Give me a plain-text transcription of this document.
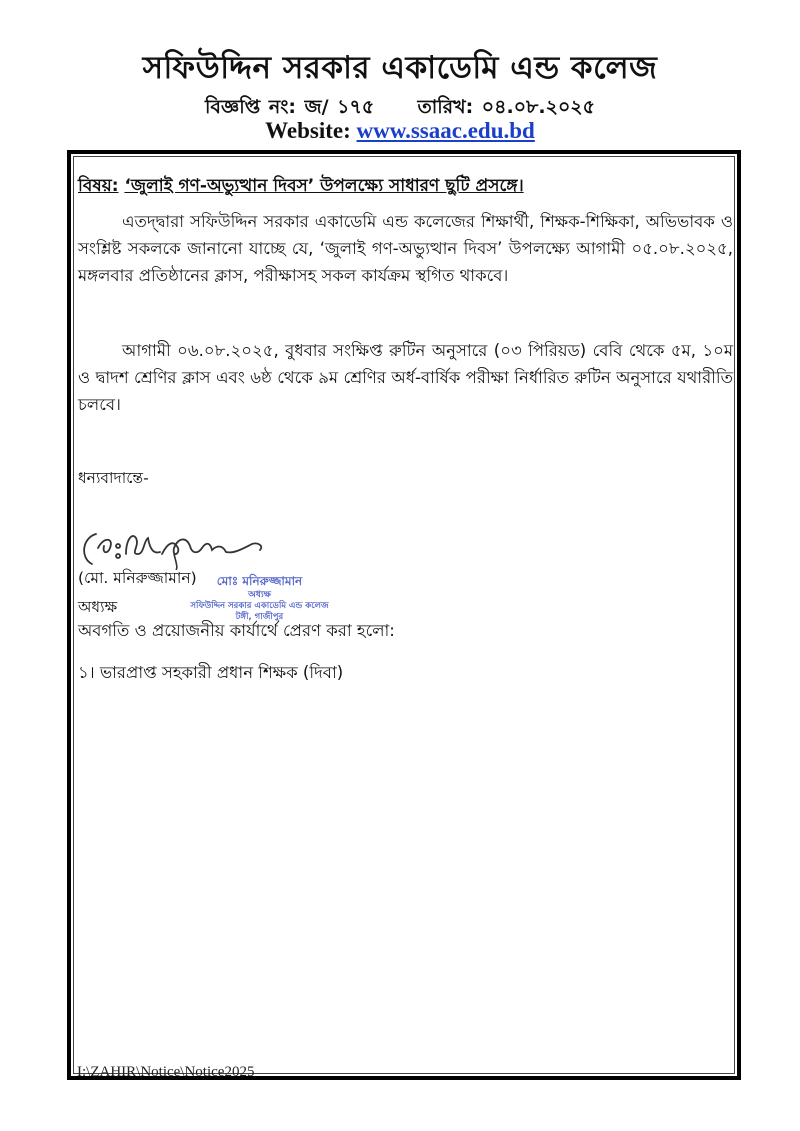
সফিউদ্দিন সরকার একাডেমি এন্ড কলেজ
বিজ্ঞপ্তি নং: জ/ ১৭৫ তারিখ: ০৪.০৮.২০২৫
Website: www.ssaac.edu.bd
বিষয়: ‘জুলাই গণ-অভ্যুত্থান দিবস’ উপলক্ষ্যে সাধারণ ছুটি প্রসঙ্গে।
এতদ্দ্বারা সফিউদ্দিন সরকার একাডেমি এন্ড কলেজের শিক্ষার্থী, শিক্ষক-শিক্ষিকা, অভিভাবক ও সংশ্লিষ্ট সকলকে জানানো যাচ্ছে যে, ‘জুলাই গণ-অভ্যুত্থান দিবস’ উপলক্ষ্যে আগামী ০৫.০৮.২০২৫, মঙ্গলবার প্রতিষ্ঠানের ক্লাস, পরীক্ষাসহ সকল কার্যক্রম স্থগিত থাকবে।
আগামী ০৬.০৮.২০২৫, বুধবার সংক্ষিপ্ত রুটিন অনুসারে (০৩ পিরিয়ড) বেবি থেকে ৫ম, ১০ম ও দ্বাদশ শ্রেণির ক্লাস এবং ৬ষ্ঠ থেকে ৯ম শ্রেণির অর্ধ-বার্ষিক পরীক্ষা নির্ধারিত রুটিন অনুসারে যথারীতি চলবে।
ধন্যবাদান্তে-
(মো. মনিরুজ্জামান)
অধ্যক্ষ
মোঃ মনিরুজ্জামান
অধ্যক্ষ
সফিউদ্দিন সরকার একাডেমি এন্ড কলেজ
টঙ্গী, গাজীপুর
অবগতি ও প্রয়োজনীয় কার্যার্থে প্রেরণ করা হলো:
১। ভারপ্রাপ্ত সহকারী প্রধান শিক্ষক (দিবা)
I:\ZAHIR\Notice\Notice2025
